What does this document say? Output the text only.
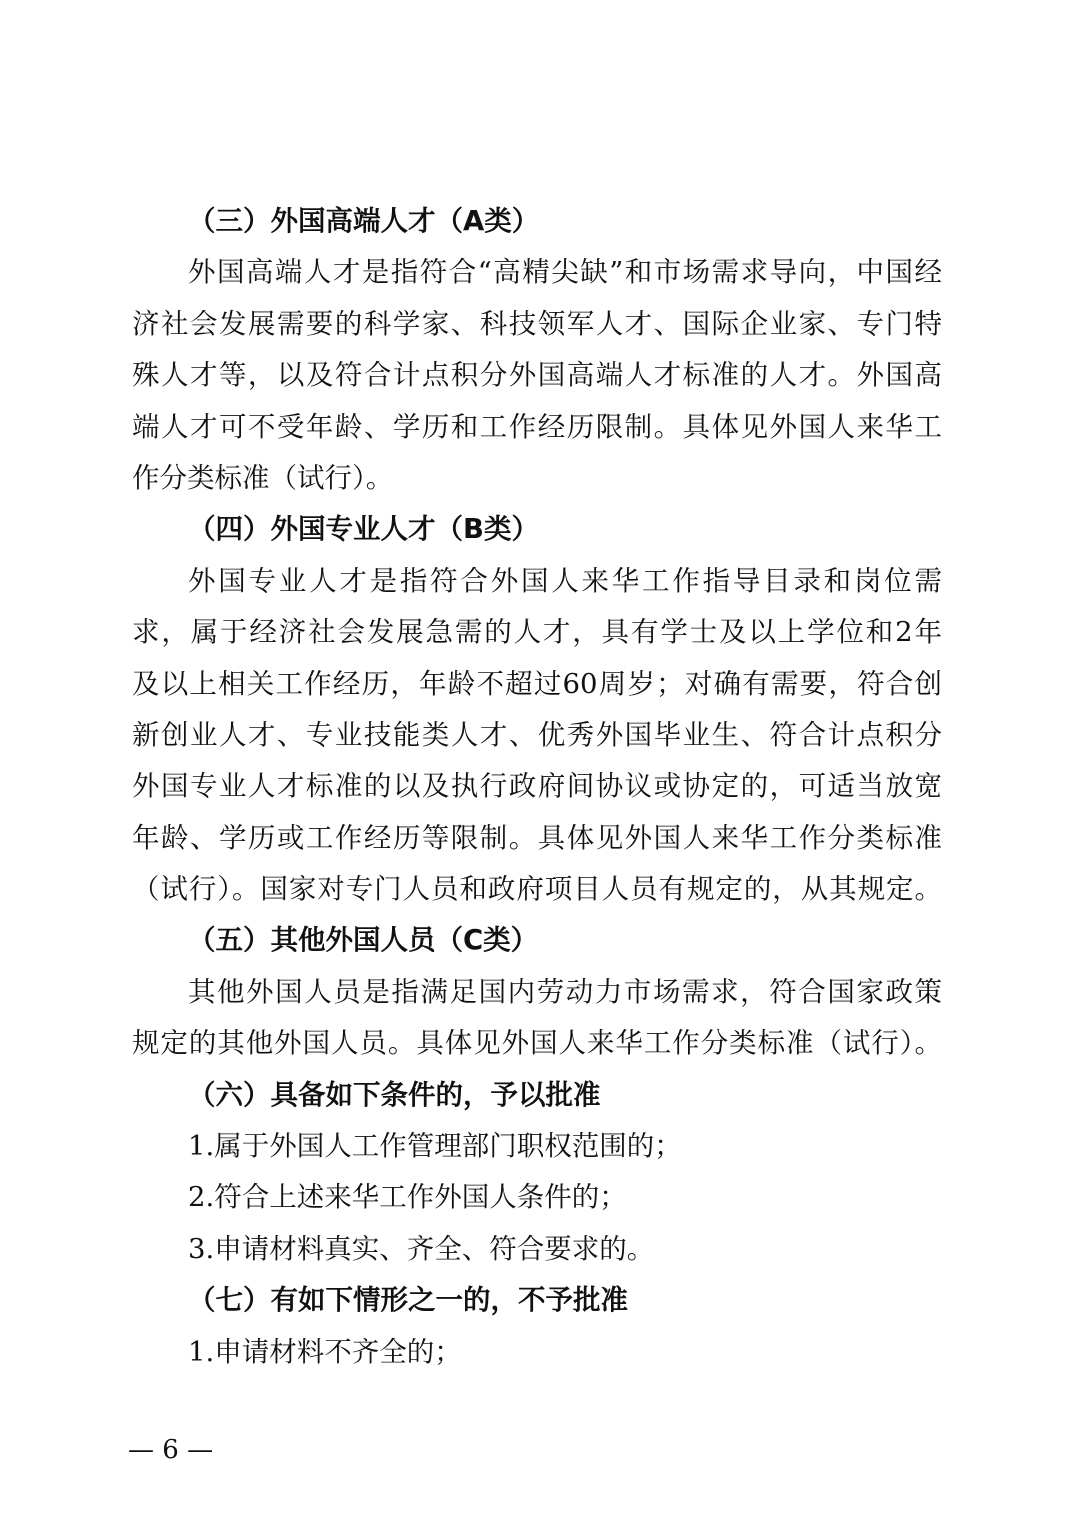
（三）外国高端人才（A类）
外国高端人才是指符合“高精尖缺”和市场需求导向，中国经
济社会发展需要的科学家、科技领军人才、国际企业家、专门特
殊人才等，以及符合计点积分外国高端人才标准的人才。外国高
端人才可不受年龄、学历和工作经历限制。具体见外国人来华工
作分类标准（试行）。
（四）外国专业人才（B类）
外国专业人才是指符合外国人来华工作指导目录和岗位需
求，属于经济社会发展急需的人才，具有学士及以上学位和2年
及以上相关工作经历，年龄不超过60周岁；对确有需要，符合创
新创业人才、专业技能类人才、优秀外国毕业生、符合计点积分
外国专业人才标准的以及执行政府间协议或协定的，可适当放宽
年龄、学历或工作经历等限制。具体见外国人来华工作分类标准
（试行）。国家对专门人员和政府项目人员有规定的，从其规定。
（五）其他外国人员（C类）
其他外国人员是指满足国内劳动力市场需求，符合国家政策
规定的其他外国人员。具体见外国人来华工作分类标准（试行）。
（六）具备如下条件的，予以批准
1.属于外国人工作管理部门职权范围的；
2.符合上述来华工作外国人条件的；
3.申请材料真实、齐全、符合要求的。
（七）有如下情形之一的，不予批准
1.申请材料不齐全的；
— 6 —
